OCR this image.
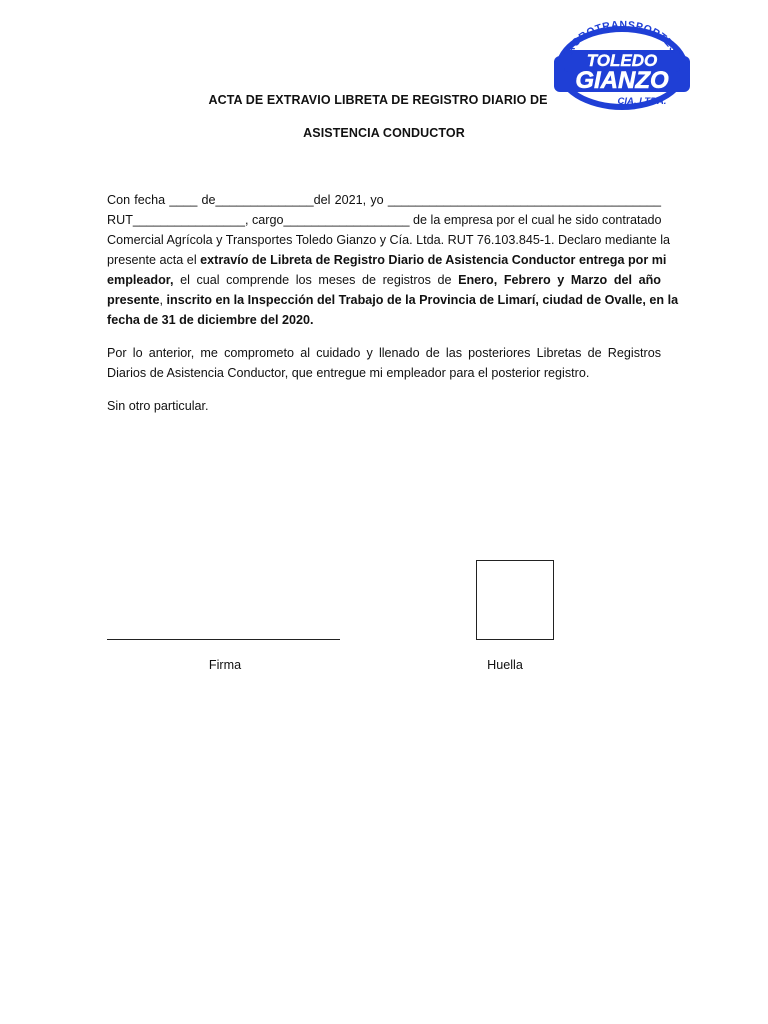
AGROTRANSPORTES
TOLEDO
GIANZO
CIA. LTDA.
ACTA DE EXTRAVIO LIBRETA DE REGISTRO DIARIO DE
ASISTENCIA CONDUCTOR
Con fecha ____ de______________del 2021, yo _______________________________________
RUT________________, cargo__________________ de la empresa por el cual he sido contratado
Comercial Agrícola y Transportes Toledo Gianzo y Cía. Ltda. RUT 76.103.845-1. Declaro mediante la
presente acta el extravío de Libreta de Registro Diario de Asistencia Conductor entrega por mi
empleador, el cual comprende los meses de registros de Enero, Febrero y Marzo del año
presente, inscrito en la Inspección del Trabajo de la Provincia de Limarí, ciudad de Ovalle, en la
fecha de 31 de diciembre del 2020.
Por lo anterior, me comprometo al cuidado y llenado de las posteriores Libretas de Registros
Diarios de Asistencia Conductor, que entregue mi empleador para el posterior registro.
Sin otro particular.
Firma	Huella
